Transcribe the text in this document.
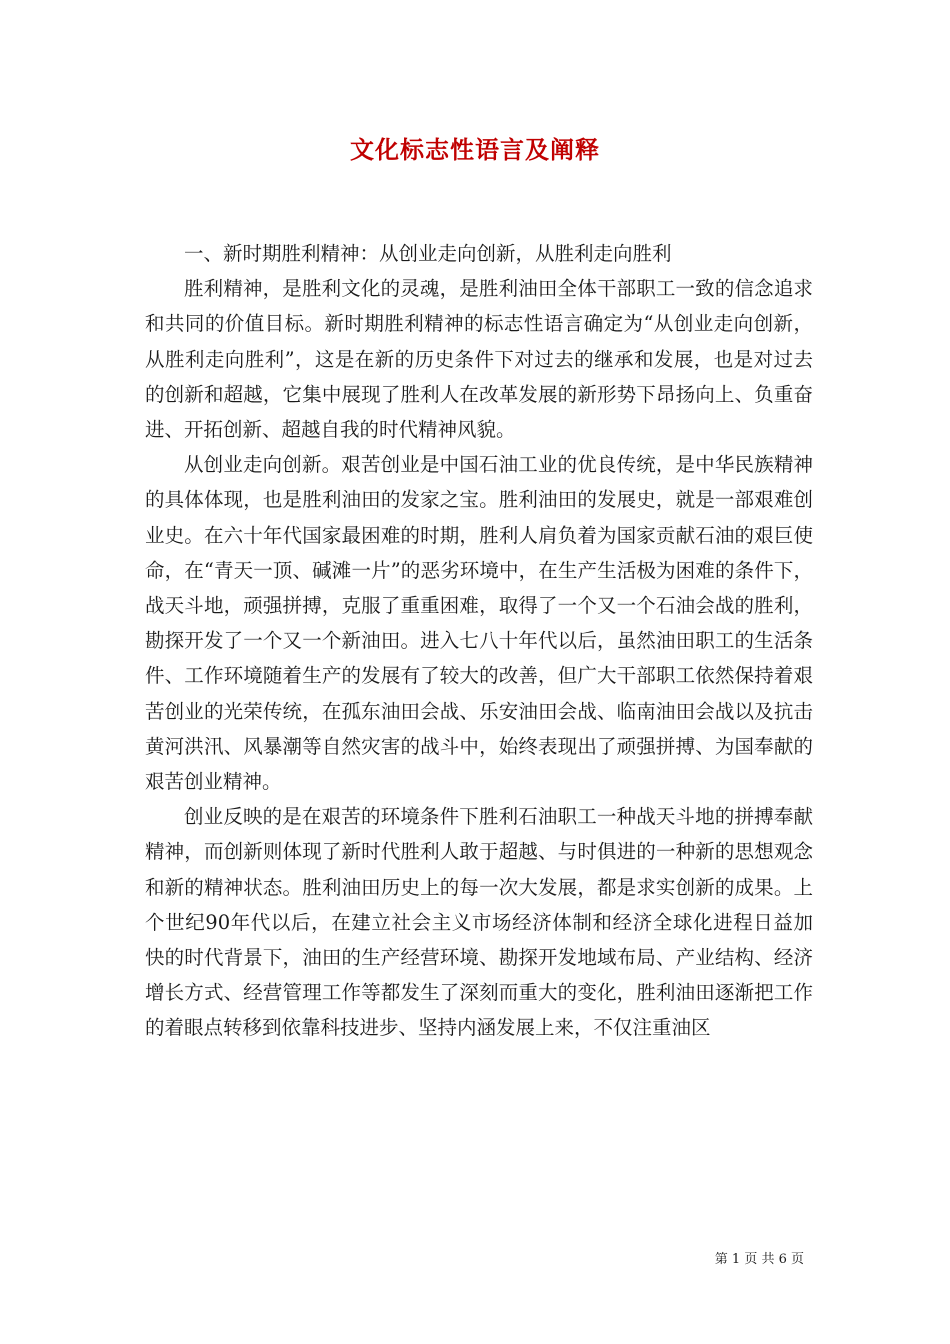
文化标志性语言及阐释

一、新时期胜利精神：从创业走向创新，从胜利走向胜利

胜利精神，是胜利文化的灵魂，是胜利油田全体干部职工一致的信念追求和共同的价值目标。新时期胜利精神的标志性语言确定为“从创业走向创新，从胜利走向胜利”，这是在新的历史条件下对过去的继承和发展，也是对过去的创新和超越，它集中展现了胜利人在改革发展的新形势下昂扬向上、负重奋进、开拓创新、超越自我的时代精神风貌。

从创业走向创新。艰苦创业是中国石油工业的优良传统，是中华民族精神的具体体现，也是胜利油田的发家之宝。胜利油田的发展史，就是一部艰难创业史。在六十年代国家最困难的时期，胜利人肩负着为国家贡献石油的艰巨使命，在“青天一顶、碱滩一片”的恶劣环境中，在生产生活极为困难的条件下，战天斗地，顽强拼搏，克服了重重困难，取得了一个又一个石油会战的胜利，勘探开发了一个又一个新油田。进入七八十年代以后，虽然油田职工的生活条件、工作环境随着生产的发展有了较大的改善，但广大干部职工依然保持着艰苦创业的光荣传统，在孤东油田会战、乐安油田会战、临南油田会战以及抗击黄河洪汛、风暴潮等自然灾害的战斗中，始终表现出了顽强拼搏、为国奉献的艰苦创业精神。

创业反映的是在艰苦的环境条件下胜利石油职工一种战天斗地的拼搏奉献精神，而创新则体现了新时代胜利人敢于超越、与时俱进的一种新的思想观念和新的精神状态。胜利油田历史上的每一次大发展，都是求实创新的成果。上个世纪90年代以后，在建立社会主义市场经济体制和经济全球化进程日益加快的时代背景下，油田的生产经营环境、勘探开发地域布局、产业结构、经济增长方式、经营管理工作等都发生了深刻而重大的变化，胜利油田逐渐把工作的着眼点转移到依靠科技进步、坚持内涵发展上来，不仅注重油区

第 1 页 共 6 页
